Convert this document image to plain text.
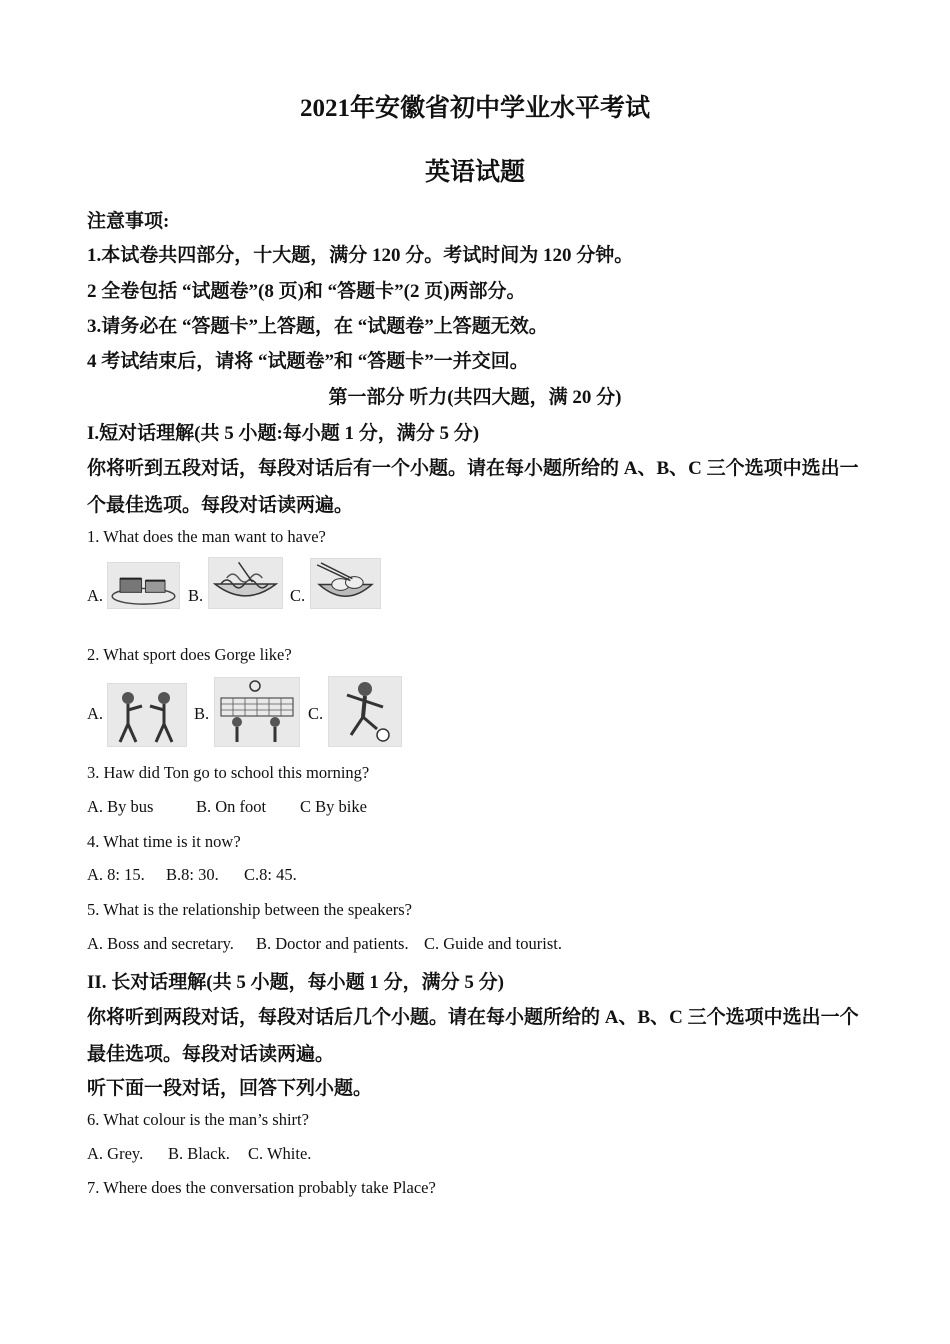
2021年安徽省初中学业水平考试
英语试题
注意事项:
1.本试卷共四部分，十大题，满分 120 分。考试时间为 120 分钟。
2 全卷包括 “试题卷”(8 页)和 “答题卡”(2 页)两部分。
3.请务必在 “答题卡”上答题，在 “试题卷”上答题无效。
4 考试结束后，请将 “试题卷”和 “答题卡”一并交回。
第一部分 听力(共四大题，满 20 分)
I.短对话理解(共 5 小题:每小题 1 分，满分 5 分)
你将听到五段对话，每段对话后有一个小题。请在每小题所给的 A、B、C 三个选项中选出一
个最佳选项。每段对话读两遍。
1. What does the man want to have?
A.	B.	C.
2. What sport does Gorge like?
A.	B.	C.
3. Haw did Ton go to school this morning?
A. By bus	B. On foot C By bike
4. What time is it now?
A. 8: 15. B.8: 30. C.8: 45.
5. What is the relationship between the speakers?
A. Boss and secretary. B. Doctor and patients. C. Guide and tourist.
II. 长对话理解(共 5 小题，每小题 1 分，满分 5 分)
你将听到两段对话，每段对话后几个小题。请在每小题所给的 A、B、C 三个选项中选出一个
最佳选项。每段对话读两遍。
听下面一段对话，回答下列小题。
6. What colour is the man’s shirt?
A. Grey. B. Black. C. White.
7. Where does the conversation probably take Place?
